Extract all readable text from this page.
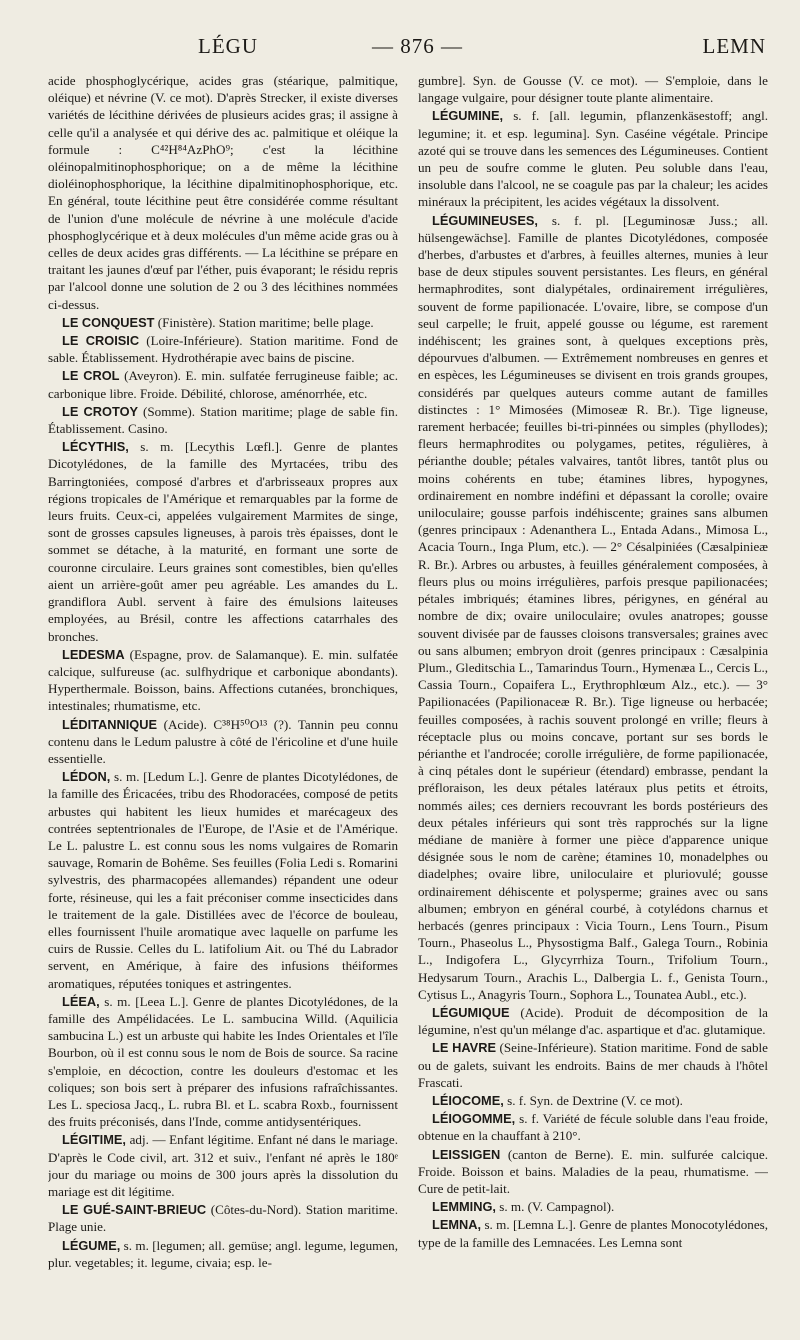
LÉGU	— 876 —	LEMN

acide phosphoglycérique, acides gras (stéarique, palmitique, oléique) et névrine (V. ce mot). D'après Strecker, il existe diverses variétés de lécithine dérivées de plusieurs acides gras; il assigne à celle qu'il a analysée et qui dérive des ac. palmitique et oléique la formule : C⁴²H⁸⁴AzPhO⁹; c'est la lécithine oléinopalmitinophosphorique; on a de même la lécithine dioléinophosphorique, la lécithine dipalmitinophosphorique, etc. En général, toute lécithine peut être considérée comme résultant de l'union d'une molécule de névrine à une molécule d'acide phosphoglycérique et à deux molécules d'un même acide gras ou à celles de deux acides gras différents. — La lécithine se prépare en traitant les jaunes d'œuf par l'éther, puis évaporant; le résidu repris par l'alcool donne une solution de 2 ou 3 des lécithines nommées ci-dessus.

LE CONQUEST (Finistère). Station maritime; belle plage.

LE CROISIC (Loire-Inférieure). Station maritime. Fond de sable. Établissement. Hydrothérapie avec bains de piscine.

LE CROL (Aveyron). E. min. sulfatée ferrugineuse faible; ac. carbonique libre. Froide. Débilité, chlorose, aménorrhée, etc.

LE CROTOY (Somme). Station maritime; plage de sable fin. Établissement. Casino.

LÉCYTHIS, s. m. [Lecythis Lœfl.]. Genre de plantes Dicotylédones, de la famille des Myrtacées, tribu des Barringtoniées, composé d'arbres et d'arbrisseaux propres aux régions tropicales de l'Amérique et remarquables par la forme de leurs fruits. Ceux-ci, appelées vulgairement Marmites de singe, sont de grosses capsules ligneuses, à parois très épaisses, dont le sommet se détache, à la maturité, en formant une sorte de couronne circulaire. Leurs graines sont comestibles, bien qu'elles aient un arrière-goût amer peu agréable. Les amandes du L. grandiflora Aubl. servent à faire des émulsions laiteuses employées, au Brésil, contre les affections catarrhales des bronches.

LEDESMA (Espagne, prov. de Salamanque). E. min. sulfatée calcique, sulfureuse (ac. sulfhydrique et carbonique abondants). Hyperthermale. Boisson, bains. Affections cutanées, bronchiques, intestinales; rhumatisme, etc.

LÉDITANNIQUE (Acide). C³⁸H⁵⁰O¹³ (?). Tannin peu connu contenu dans le Ledum palustre à côté de l'éricoline et d'une huile essentielle.

LÉDON, s. m. [Ledum L.]. Genre de plantes Dicotylédones, de la famille des Éricacées, tribu des Rhodoracées, composé de petits arbustes qui habitent les lieux humides et marécageux des contrées septentrionales de l'Europe, de l'Asie et de l'Amérique. Le L. palustre L. est connu sous les noms vulgaires de Romarin sauvage, Romarin de Bohême. Ses feuilles (Folia Ledi s. Romarini sylvestris, des pharmacopées allemandes) répandent une odeur forte, résineuse, qui les a fait préconiser comme insecticides dans le traitement de la gale. Distillées avec de l'écorce de bouleau, elles fournissent l'huile aromatique avec laquelle on parfume les cuirs de Russie. Celles du L. latifolium Ait. ou Thé du Labrador servent, en Amérique, à faire des infusions théiformes aromatiques, réputées toniques et astringentes.

LÉEA, s. m. [Leea L.]. Genre de plantes Dicotylédones, de la famille des Ampélidacées. Le L. sambucina Willd. (Aquilicia sambucina L.) est un arbuste qui habite les Indes Orientales et l'île Bourbon, où il est connu sous le nom de Bois de source. Sa racine s'emploie, en décoction, contre les douleurs d'estomac et les coliques; son bois sert à préparer des infusions rafraîchissantes. Les L. speciosa Jacq., L. rubra Bl. et L. scabra Roxb., fournissent des fruits préconisés, dans l'Inde, comme antidysentériques.

LÉGITIME, adj. — Enfant légitime. Enfant né dans le mariage. D'après le Code civil, art. 312 et suiv., l'enfant né après le 180ᵉ jour du mariage ou moins de 300 jours après la dissolution du mariage est dit légitime.

LE GUÉ-SAINT-BRIEUC (Côtes-du-Nord). Station maritime. Plage unie.

LÉGUME, s. m. [legumen; all. gemüse; angl. legume, legumen, plur. vegetables; it. legume, civaia; esp. le-

gumbre]. Syn. de Gousse (V. ce mot). — S'emploie, dans le langage vulgaire, pour désigner toute plante alimentaire.

LÉGUMINE, s. f. [all. legumin, pflanzenkäsestoff; angl. legumine; it. et esp. legumina]. Syn. Caséine végétale. Principe azoté qui se trouve dans les semences des Légumineuses. Contient un peu de soufre comme le gluten. Peu soluble dans l'eau, insoluble dans l'alcool, ne se coagule pas par la chaleur; les acides minéraux la précipitent, les acides végétaux la dissolvent.

LÉGUMINEUSES, s. f. pl. [Leguminosæ Juss.; all. hülsengewächse]. Famille de plantes Dicotylédones, composée d'herbes, d'arbustes et d'arbres, à feuilles alternes, munies à leur base de deux stipules souvent persistantes. Les fleurs, en général hermaphrodites, sont dialypétales, ordinairement irrégulières, souvent de forme papilionacée. L'ovaire, libre, se compose d'un seul carpelle; le fruit, appelé gousse ou légume, est rarement indéhiscent; les graines sont, à quelques exceptions près, dépourvues d'albumen. — Extrêmement nombreuses en genres et en espèces, les Légumineuses se divisent en trois grands groupes, considérés par quelques auteurs comme autant de familles distinctes : 1° Mimosées (Mimoseæ R. Br.). Tige ligneuse, rarement herbacée; feuilles bi-tri-pinnées ou simples (phyllodes); fleurs hermaphrodites ou polygames, petites, régulières, à périanthe double; pétales valvaires, tantôt libres, tantôt plus ou moins cohérents en tube; étamines libres, hypogynes, ordinairement en nombre indéfini et dépassant la corolle; ovaire uniloculaire; gousse parfois indéhiscente; graines sans albumen (genres principaux : Adenanthera L., Entada Adans., Mimosa L., Acacia Tourn., Inga Plum, etc.). — 2° Césalpiniées (Cæsalpinieæ R. Br.). Arbres ou arbustes, à feuilles généralement composées, à fleurs plus ou moins irrégulières, parfois presque papilionacées; pétales imbriqués; étamines libres, périgynes, en général au nombre de dix; ovaire uniloculaire; ovules anatropes; gousse souvent divisée par de fausses cloisons transversales; graines avec ou sans albumen; embryon droit (genres principaux : Cæsalpinia Plum., Gleditschia L., Tamarindus Tourn., Hymenæa L., Cercis L., Cassia Tourn., Copaifera L., Erythrophlœum Alz., etc.). — 3° Papilionacées (Papilionaceæ R. Br.). Tige ligneuse ou herbacée; feuilles composées, à rachis souvent prolongé en vrille; fleurs à réceptacle plus ou moins concave, portant sur ses bords le périanthe et l'androcée; corolle irrégulière, de forme papilionacée, à cinq pétales dont le supérieur (étendard) embrasse, pendant la préfloraison, les deux pétales latéraux plus petits et étroits, nommés ailes; ces derniers recouvrant les bords postérieurs des deux pétales inférieurs qui sont très rapprochés sur la ligne médiane de manière à former une pièce d'apparence unique désignée sous le nom de carène; étamines 10, monadelphes ou diadelphes; ovaire libre, uniloculaire et pluriovulé; gousse ordinairement déhiscente et polysperme; graines avec ou sans albumen; embryon en général courbé, à cotylédons charnus et herbacés (genres principaux : Vicia Tourn., Lens Tourn., Pisum Tourn., Phaseolus L., Physostigma Balf., Galega Tourn., Robinia L., Indigofera L., Glycyrrhiza Tourn., Trifolium Tourn., Hedysarum Tourn., Arachis L., Dalbergia L. f., Genista Tourn., Cytisus L., Anagyris Tourn., Sophora L., Tounatea Aubl., etc.).

LÉGUMIQUE (Acide). Produit de décomposition de la légumine, n'est qu'un mélange d'ac. aspartique et d'ac. glutamique.

LE HAVRE (Seine-Inférieure). Station maritime. Fond de sable ou de galets, suivant les endroits. Bains de mer chauds à l'hôtel Frascati.

LÉIOCOME, s. f. Syn. de Dextrine (V. ce mot).

LÉIOGOMME, s. f. Variété de fécule soluble dans l'eau froide, obtenue en la chauffant à 210°.

LEISSIGEN (canton de Berne). E. min. sulfurée calcique. Froide. Boisson et bains. Maladies de la peau, rhumatisme. — Cure de petit-lait.

LEMMING, s. m. (V. Campagnol).

LEMNA, s. m. [Lemna L.]. Genre de plantes Monocotylédones, type de la famille des Lemnacées. Les Lemna sont
